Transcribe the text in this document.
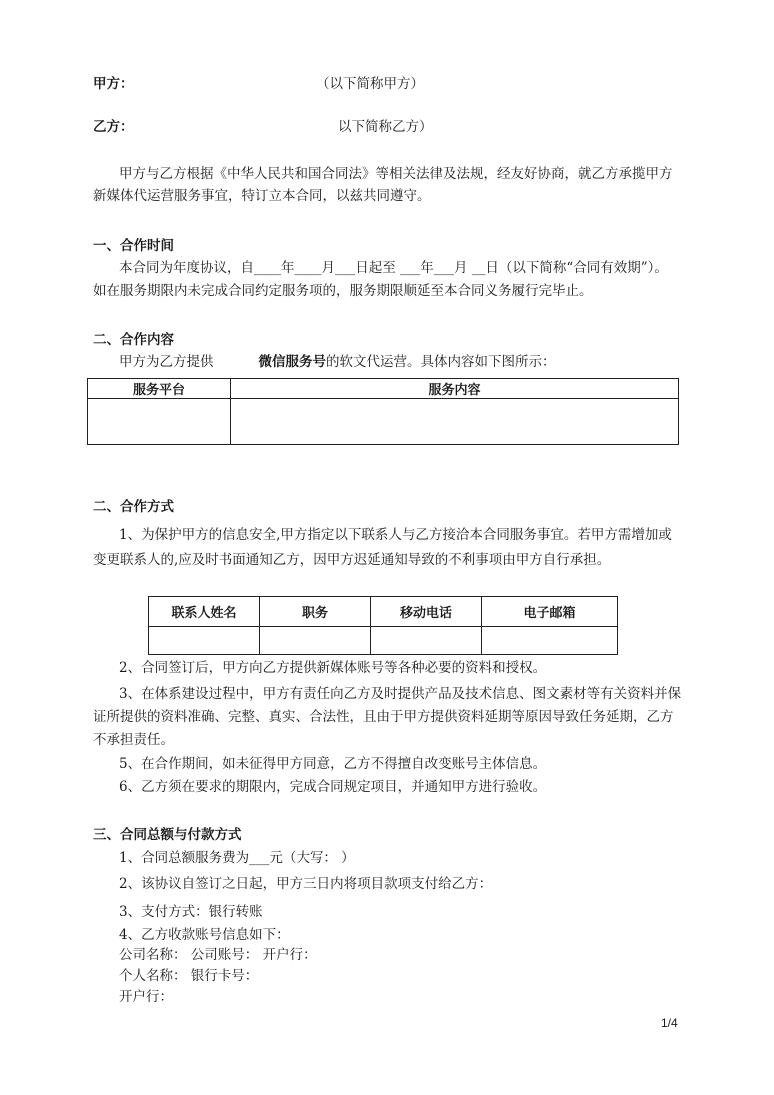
甲方：	（以下简称甲方）
乙方：	以下简称乙方）
甲方与乙方根据《中华人民共和国合同法》等相关法律及法规，经友好协商，就乙方承揽甲方
新媒体代运营服务事宜，特订立本合同，以兹共同遵守。
一、合作时间
本合同为年度协议，自____年____月___日起至 ___年___月 __日（以下简称“合同有效期”）。
如在服务期限内未完成合同约定服务项的，服务期限顺延至本合同义务履行完毕止。
二、合作内容
甲方为乙方提供	微信服务号的软文代运营。具体内容如下图所示：
服务平台	服务内容

二、合作方式
1、为保护甲方的信息安全,甲方指定以下联系人与乙方接洽本合同服务事宜。若甲方需增加或
变更联系人的,应及时书面通知乙方，因甲方迟延通知导致的不利事项由甲方自行承担。
联系人姓名	职务	移动电话	电子邮箱

2、合同签订后，甲方向乙方提供新媒体账号等各种必要的资料和授权。
3、在体系建设过程中，甲方有责任向乙方及时提供产品及技术信息、图文素材等有关资料并保
证所提供的资料准确、完整、真实、合法性，且由于甲方提供资料延期等原因导致任务延期，乙方
不承担责任。
5、在合作期间，如未征得甲方同意，乙方不得擅自改变账号主体信息。
6、乙方须在要求的期限内，完成合同规定项目，并通知甲方进行验收。
三、合同总额与付款方式
1、合同总额服务费为___元（大写： ）
2、该协议自签订之日起，甲方三日内将项目款项支付给乙方：
3、支付方式：银行转账
4、乙方收款账号信息如下：
公司名称： 公司账号： 开户行：
个人名称： 银行卡号：
开户行：
1/4
